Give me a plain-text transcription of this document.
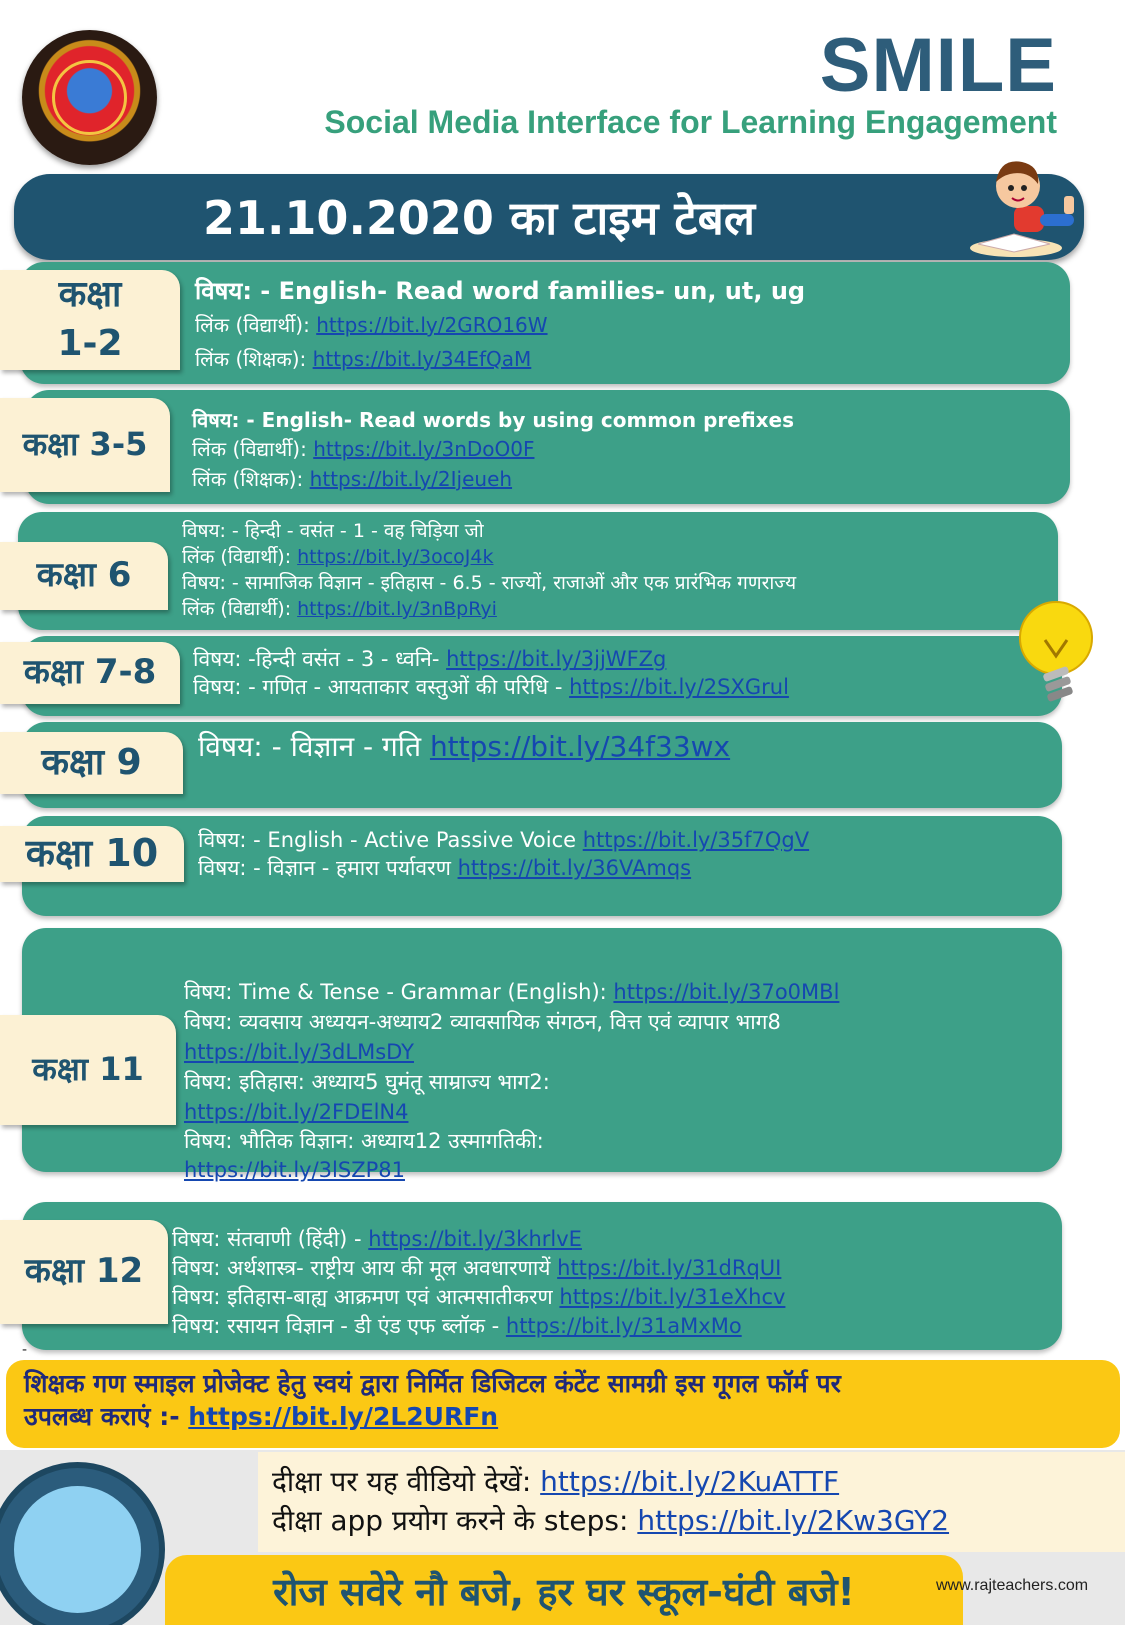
SMILE
Social Media Interface for Learning Engagement
21.10.2020 का टाइम टेबल
कक्षा
1-2
विषय: - English- Read word families- un, ut, ug
लिंक (विद्यार्थी): https://bit.ly/2GRO16W
लिंक (शिक्षक): https://bit.ly/34EfQaM
कक्षा 3-5
विषय: - English- Read words by using common prefixes
लिंक (विद्यार्थी): https://bit.ly/3nDoO0F
लिंक (शिक्षक): https://bit.ly/2Ijeueh
कक्षा 6
विषय: - हिन्दी - वसंत - 1 - वह चिड़िया जो
लिंक (विद्यार्थी): https://bit.ly/3ocoJ4k
विषय: - सामाजिक विज्ञान - इतिहास - 6.5 - राज्यों, राजाओं और एक प्रारंभिक गणराज्य
लिंक (विद्यार्थी): https://bit.ly/3nBpRyi
कक्षा 7-8 विषय: -हिन्दी वसंत - 3 - ध्वनि- https://bit.ly/3jjWFZg
विषय: - गणित - आयताकार वस्तुओं की परिधि - https://bit.ly/2SXGrul
कक्षा 9 विषय: - विज्ञान - गति https://bit.ly/34f33wx
कक्षा 10 विषय: - English - Active Passive Voice https://bit.ly/35f7QgV
विषय: - विज्ञान - हमारा पर्यावरण https://bit.ly/36VAmqs
कक्षा 11
विषय: Time & Tense - Grammar (English): https://bit.ly/37o0MBl
विषय: व्यवसाय अध्ययन-अध्याय2 व्यावसायिक संगठन, वित्त एवं व्यापार भाग8
https://bit.ly/3dLMsDY
विषय: इतिहास: अध्याय5 घुमंतू साम्राज्य भाग2:
https://bit.ly/2FDElN4
विषय: भौतिक विज्ञान: अध्याय12 उस्मागतिकी:
https://bit.ly/3lSZP81
कक्षा 12
विषय: संतवाणी (हिंदी) - https://bit.ly/3khrlvE
विषय: अर्थशास्त्र- राष्ट्रीय आय की मूल अवधारणायें https://bit.ly/31dRqUI
विषय: इतिहास-बाह्य आक्रमण एवं आत्मसातीकरण https://bit.ly/31eXhcv
विषय: रसायन विज्ञान - डी एंड एफ ब्लॉक - https://bit.ly/31aMxMo
-
शिक्षक गण स्माइल प्रोजेक्ट हेतु स्वयं द्वारा निर्मित डिजिटल कंटेंट सामग्री इस गूगल फॉर्म पर
उपलब्ध कराएं :- https://bit.ly/2L2URFn
दीक्षा पर यह वीडियो देखें: https://bit.ly/2KuATTF
दीक्षा app प्रयोग करने के steps: https://bit.ly/2Kw3GY2
रोज सवेरे नौ बजे, हर घर स्कूल-घंटी बजे!	www.rajteachers.com
